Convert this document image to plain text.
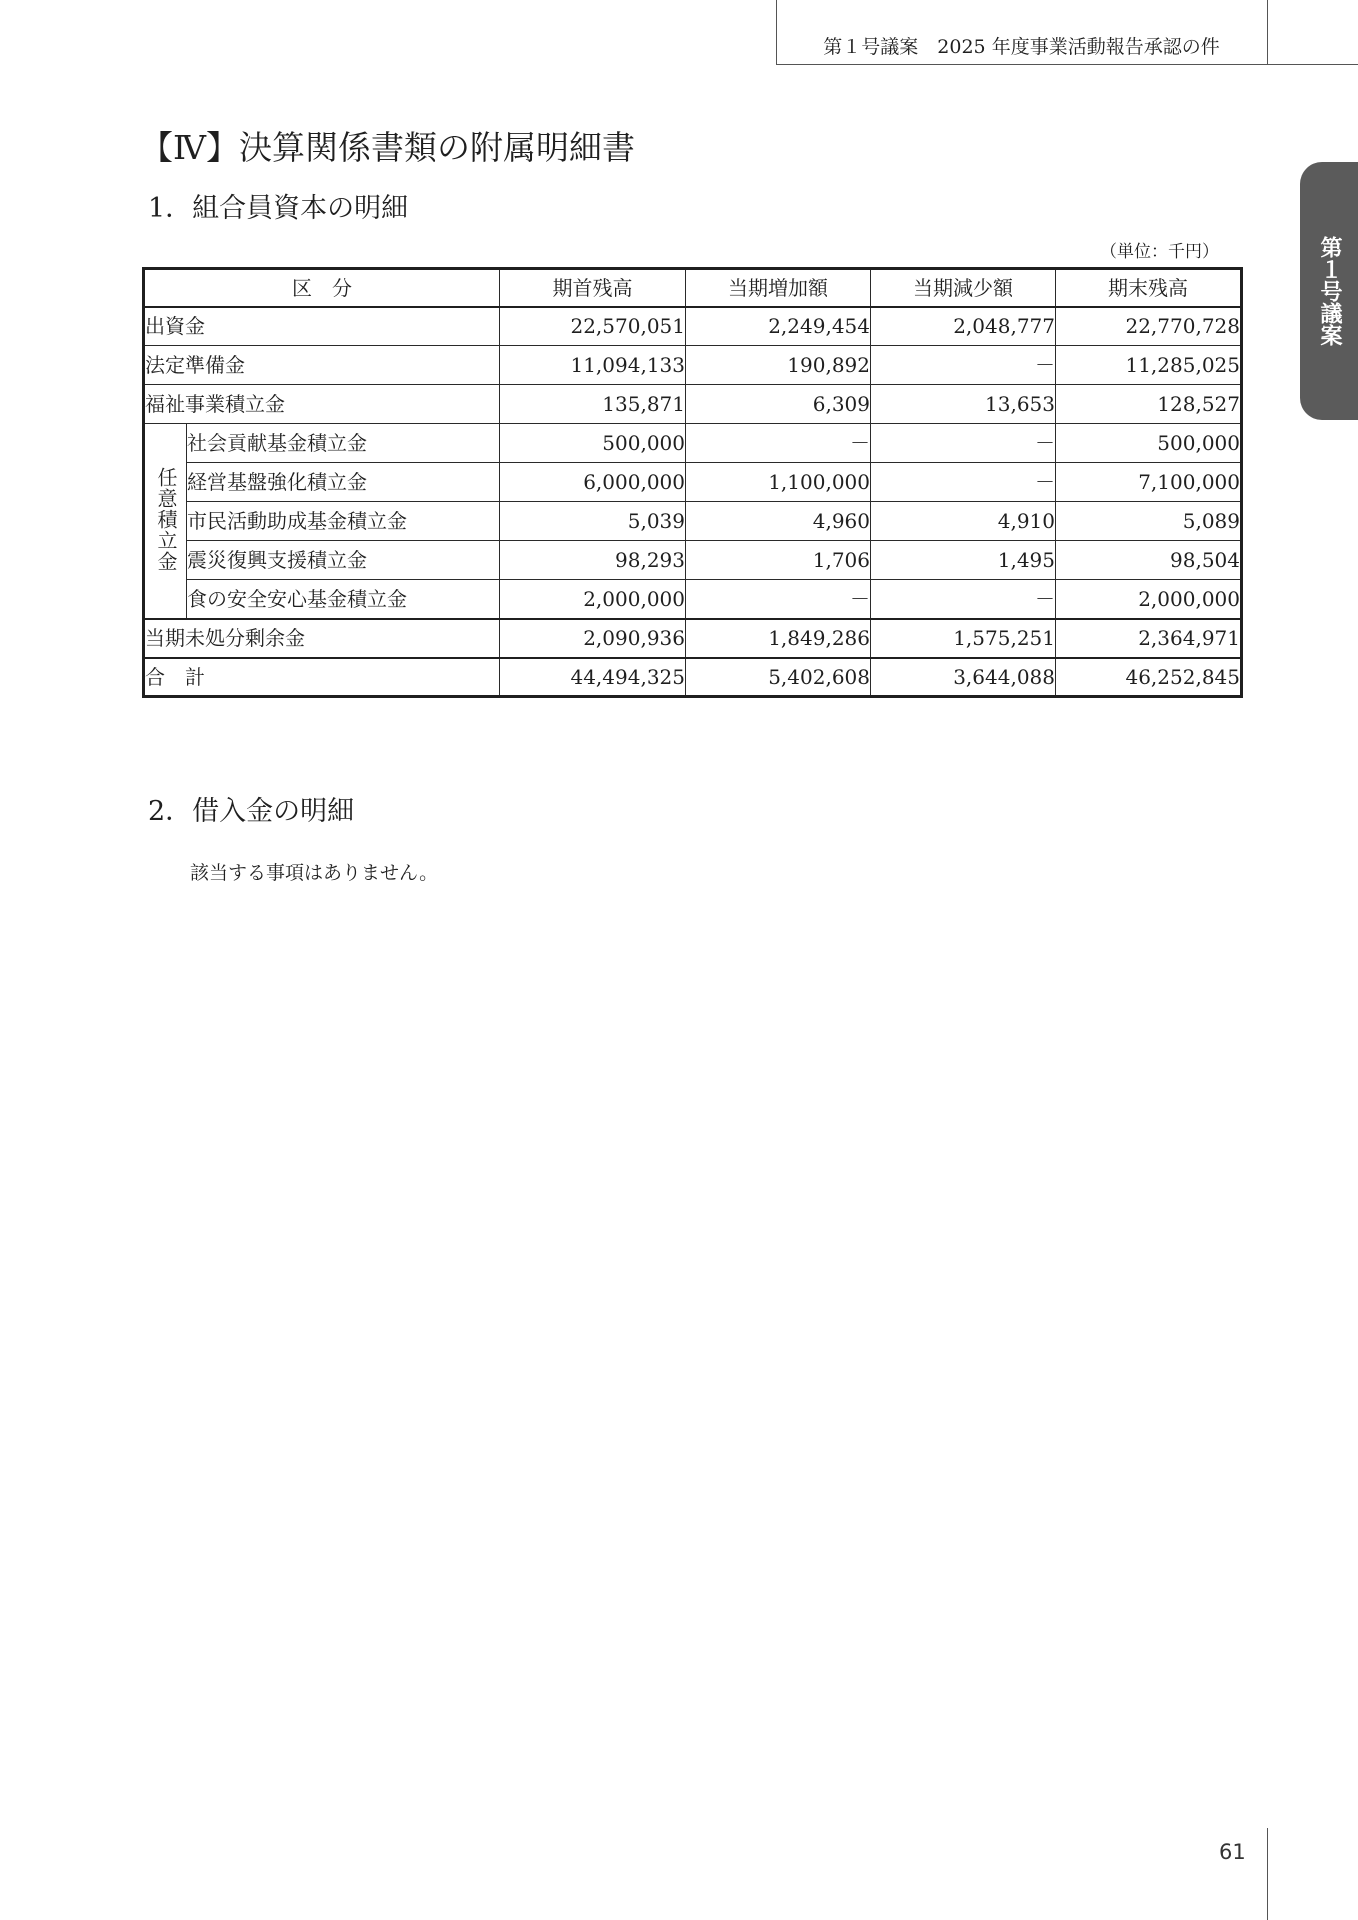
第１号議案　2025 年度事業活動報告承認の件
第１号議案
【Ⅳ】決算関係書類の附属明細書
1．組合員資本の明細
（単位：千円）
区　分		期首残高	当期増加額	当期減少額	期末残高
出資金		22,570,051	2,249,454	2,048,777	22,770,728
法定準備金		11,094,133	190,892	－	11,285,025
福祉事業積立金		135,871	6,309	13,653	128,527
任意積立金	社会貢献基金積立金	500,000	－	－	500,000
	経営基盤強化積立金	6,000,000	1,100,000	－	7,100,000
	市民活動助成基金積立金	5,039	4,960	4,910	5,089
	震災復興支援積立金	98,293	1,706	1,495	98,504
	食の安全安心基金積立金	2,000,000	－	－	2,000,000
当期未処分剰余金		2,090,936	1,849,286	1,575,251	2,364,971
合　計		44,494,325	5,402,608	3,644,088	46,252,845
2．借入金の明細

該当する事項はありません。

61
